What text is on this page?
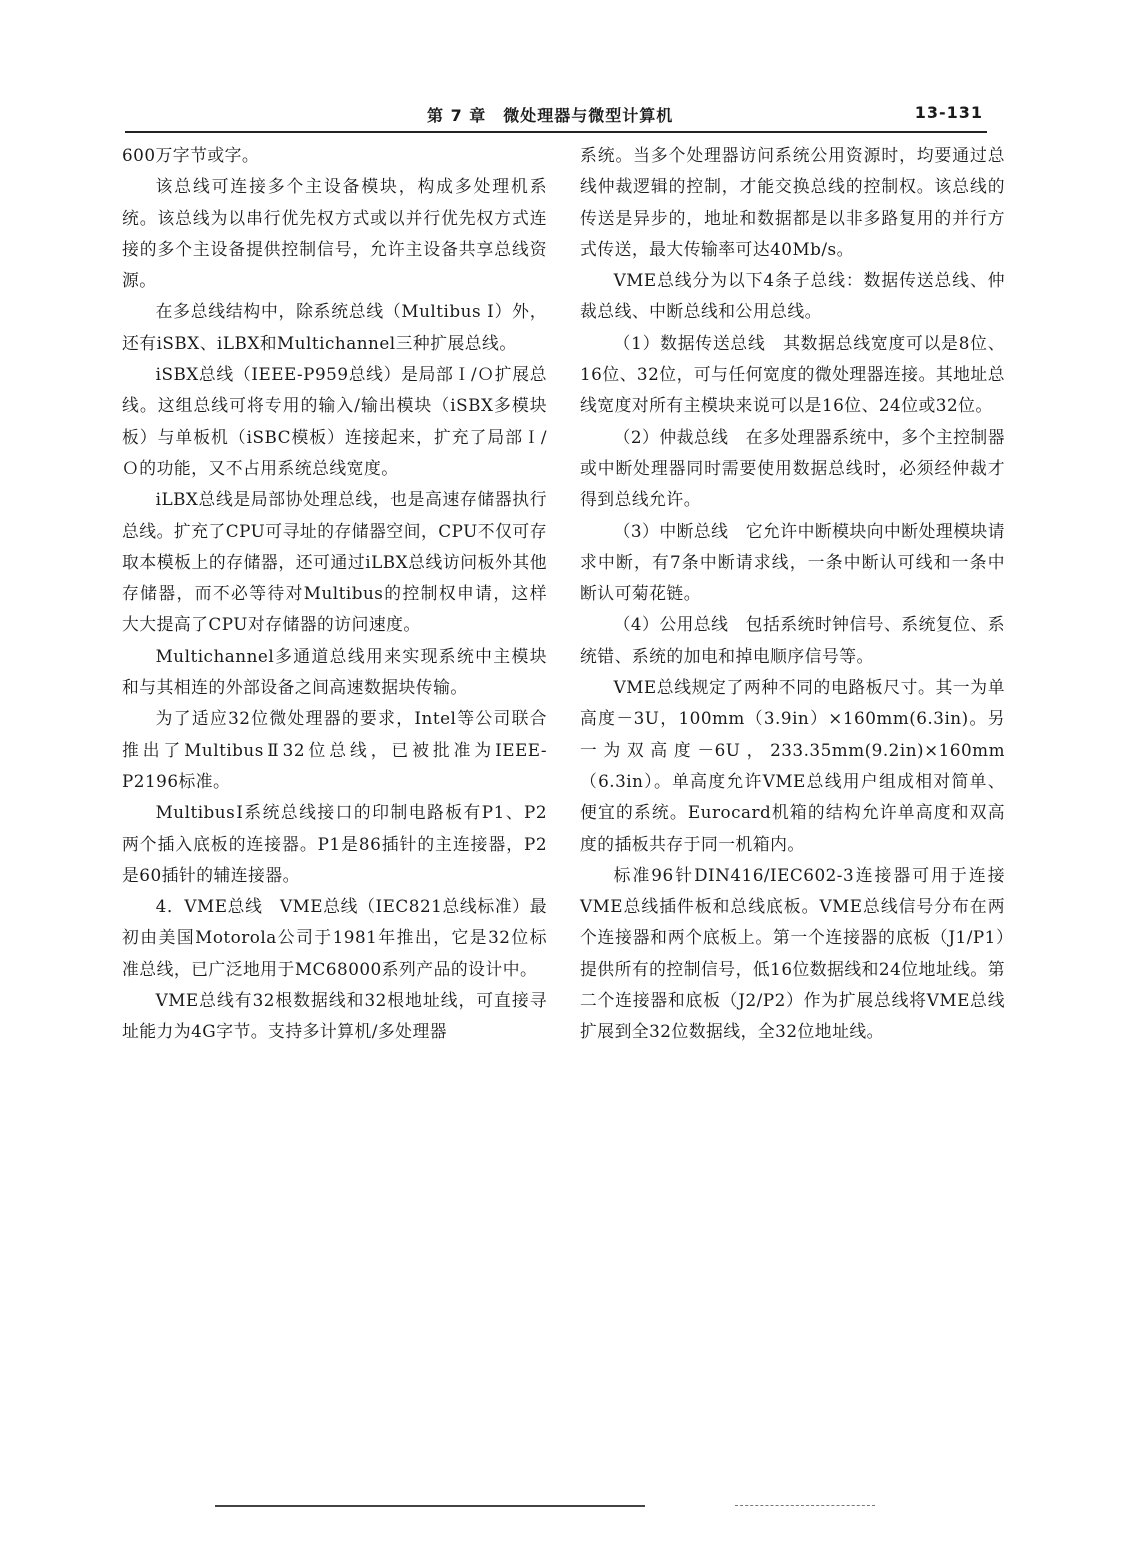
第 7 章　微处理器与微型计算机	13-131

600万字节或字。

该总线可连接多个主设备模块，构成多处理机系统。该总线为以串行优先权方式或以并行优先权方式连接的多个主设备提供控制信号，允许主设备共享总线资源。

在多总线结构中，除系统总线（Multibus Ⅰ）外，还有iSBX、iLBX和Multichannel三种扩展总线。

iSBX总线（IEEE-P959总线）是局部Ｉ/Ｏ扩展总线。这组总线可将专用的输入/输出模块（iSBX多模块板）与单板机（iSBC模板）连接起来，扩充了局部Ｉ/Ｏ的功能，又不占用系统总线宽度。

iLBX总线是局部协处理总线，也是高速存储器执行总线。扩充了CPU可寻址的存储器空间，CPU不仅可存取本模板上的存储器，还可通过iLBX总线访问板外其他存储器，而不必等待对Multibus的控制权申请，这样大大提高了CPU对存储器的访问速度。

Multichannel多通道总线用来实现系统中主模块和与其相连的外部设备之间高速数据块传输。

为了适应32位微处理器的要求，Intel等公司联合推出了MultibusⅡ32位总线，已被批准为IEEE-P2196标准。

MultibusⅠ系统总线接口的印制电路板有P1、P2两个插入底板的连接器。P1是86插针的主连接器，P2是60插针的辅连接器。

4．VME总线　VME总线（IEC821总线标准）最初由美国Motorola公司于1981年推出，它是32位标准总线，已广泛地用于MC68000系列产品的设计中。

VME总线有32根数据线和32根地址线，可直接寻址能力为4G字节。支持多计算机/多处理器

系统。当多个处理器访问系统公用资源时，均要通过总线仲裁逻辑的控制，才能交换总线的控制权。该总线的传送是异步的，地址和数据都是以非多路复用的并行方式传送，最大传输率可达40Mb/s。

VME总线分为以下4条子总线：数据传送总线、仲裁总线、中断总线和公用总线。

（1）数据传送总线　其数据总线宽度可以是8位、16位、32位，可与任何宽度的微处理器连接。其地址总线宽度对所有主模块来说可以是16位、24位或32位。

（2）仲裁总线　在多处理器系统中，多个主控制器或中断处理器同时需要使用数据总线时，必须经仲裁才得到总线允许。

（3）中断总线　它允许中断模块向中断处理模块请求中断，有7条中断请求线，一条中断认可线和一条中断认可菊花链。

（4）公用总线　包括系统时钟信号、系统复位、系统错、系统的加电和掉电顺序信号等。

VME总线规定了两种不同的电路板尺寸。其一为单高度－3U，100mm（3.9in）×160mm(6.3in)。另一为双高度－6U，233.35mm(9.2in)×160mm（6.3in）。单高度允许VME总线用户组成相对简单、便宜的系统。Eurocard机箱的结构允许单高度和双高度的插板共存于同一机箱内。

标准96针DIN416/IEC602-3连接器可用于连接VME总线插件板和总线底板。VME总线信号分布在两个连接器和两个底板上。第一个连接器的底板（J1/P1）提供所有的控制信号，低16位数据线和24位地址线。第二个连接器和底板（J2/P2）作为扩展总线将VME总线扩展到全32位数据线，全32位地址线。
